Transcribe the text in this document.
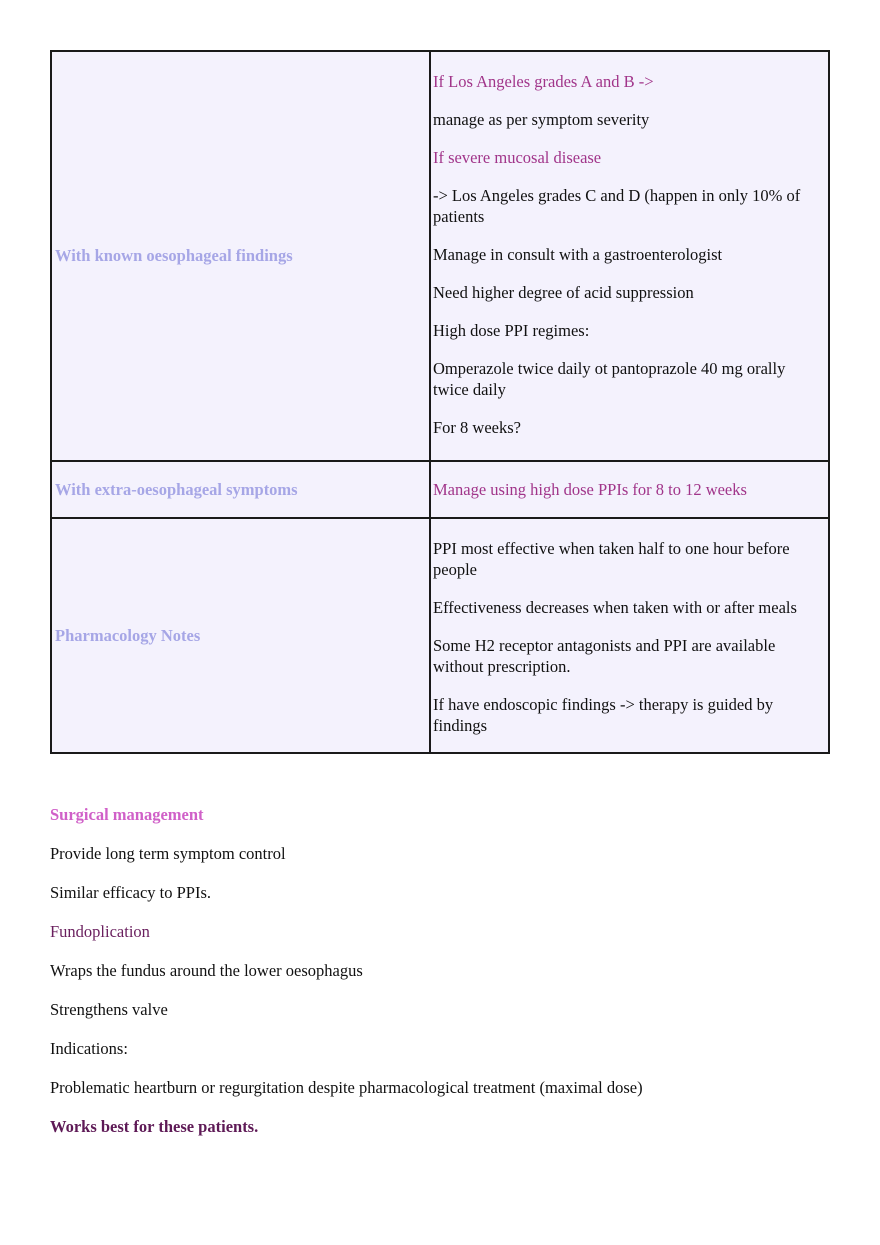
With known oesophageal findings

If Los Angeles grades A and B ->

manage as per symptom severity

If severe mucosal disease

-> Los Angeles grades C and D (happen in only 10% of patients

Manage in consult with a gastroenterologist

Need higher degree of acid suppression

High dose PPI regimes:

Omperazole twice daily ot pantoprazole 40 mg orally twice daily

For 8 weeks?

With extra-oesophageal symptoms	Manage using high dose PPIs for 8 to 12 weeks
Pharmacology Notes

PPI most effective when taken half to one hour before people

Effectiveness decreases when taken with or after meals

Some H2 receptor antagonists and PPI are available without prescription.

If have endoscopic findings -> therapy is guided by findings

Surgical management

Provide long term symptom control

Similar efficacy to PPIs.

Fundoplication

Wraps the fundus around the lower oesophagus

Strengthens valve

Indications:

Problematic heartburn or regurgitation despite pharmacological treatment (maximal dose)

Works best for these patients.
